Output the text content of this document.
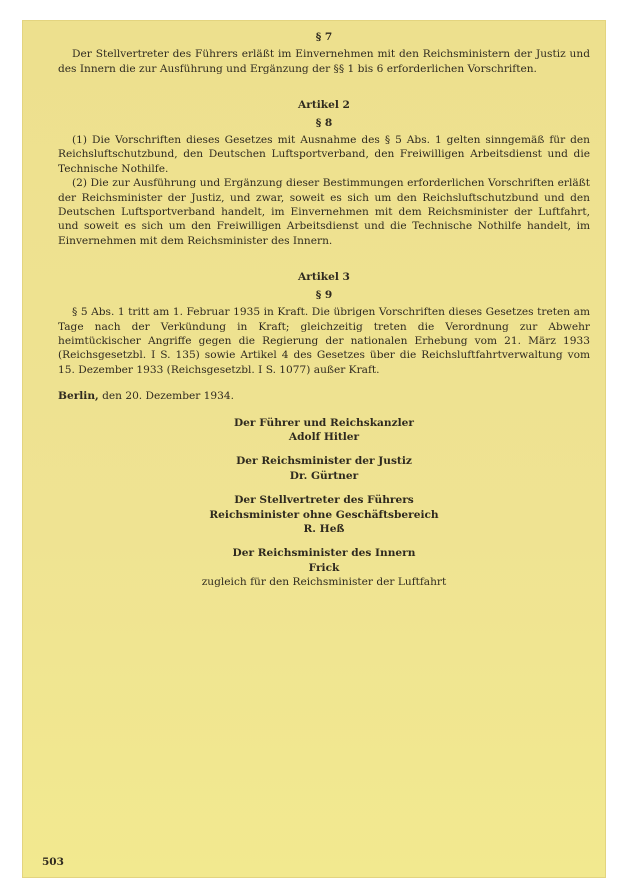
§ 7

Der Stellvertreter des Führers erläßt im Einvernehmen mit den Reichsministern der Justiz und des Innern die zur Ausführung und Ergänzung der §§ 1 bis 6 erforderlichen Vorschriften.

Artikel 2
§ 8

(1) Die Vorschriften dieses Gesetzes mit Ausnahme des § 5 Abs. 1 gelten sinngemäß für den Reichsluftschutzbund, den Deutschen Luftsportverband, den Freiwilligen Arbeitsdienst und die Technische Nothilfe.

(2) Die zur Ausführung und Ergänzung dieser Bestimmungen erforderlichen Vorschriften erläßt der Reichsminister der Justiz, und zwar, soweit es sich um den Reichsluftschutzbund und den Deutschen Luftsportverband handelt, im Einvernehmen mit dem Reichsminister der Luftfahrt, und soweit es sich um den Freiwilligen Arbeitsdienst und die Technische Nothilfe handelt, im Einvernehmen mit dem Reichsminister des Innern.

Artikel 3
§ 9

§ 5 Abs. 1 tritt am 1. Februar 1935 in Kraft. Die übrigen Vorschriften dieses Gesetzes treten am Tage nach der Verkündung in Kraft; gleichzeitig treten die Verordnung zur Abwehr heimtückischer Angriffe gegen die Regierung der nationalen Erhebung vom 21. März 1933 (Reichsgesetzbl. I S. 135) sowie Artikel 4 des Gesetzes über die Reichsluftfahrtverwaltung vom 15. Dezember 1933 (Reichsgesetzbl. I S. 1077) außer Kraft.

Berlin, den 20. Dezember 1934.

Der Führer und Reichskanzler
Adolf Hitler
Der Reichsminister der Justiz
Dr. Gürtner
Der Stellvertreter des Führers
Reichsminister ohne Geschäftsbereich
R. Heß
Der Reichsminister des Innern
Frick
zugleich für den Reichsminister der Luftfahrt
503
